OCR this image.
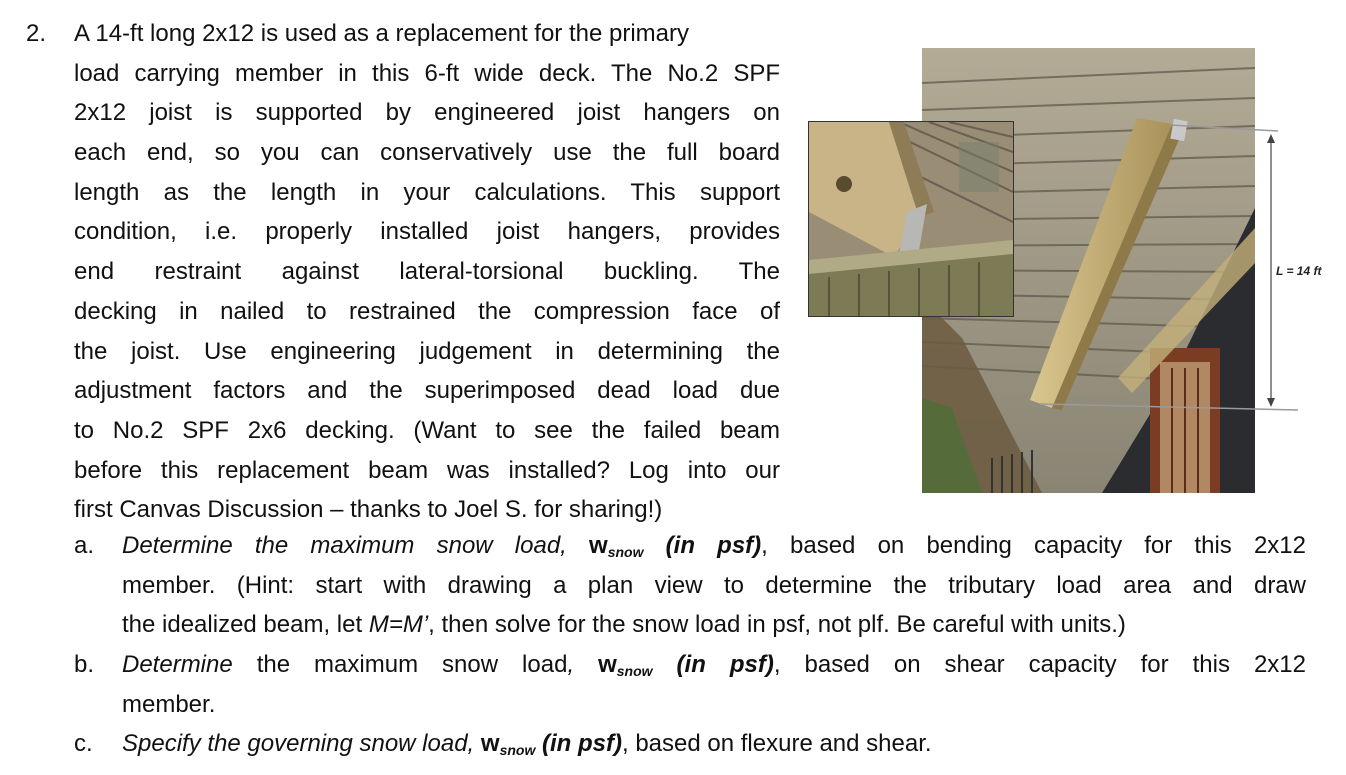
2. A 14-ft long 2x12 is used as a replacement for the primary
load carrying member in this 6-ft wide deck. The No.2 SPF
2x12 joist is supported by engineered joist hangers on
each end, so you can conservatively use the full board
length as the length in your calculations. This support
condition, i.e. properly installed joist hangers, provides
end restraint against lateral-torsional buckling. The
decking in nailed to restrained the compression face of
the joist. Use engineering judgement in determining the
adjustment factors and the superimposed dead load due
to No.2 SPF 2x6 decking. (Want to see the failed beam
before this replacement beam was installed? Log into our
first Canvas Discussion – thanks to Joel S. for sharing!)
a. Determine the maximum snow load, wsnow (in psf), based on bending capacity for this 2x12
member. (Hint: start with drawing a plan view to determine the tributary load area and draw
the idealized beam, let M=M’, then solve for the snow load in psf, not plf. Be careful with units.)
b. Determine the maximum snow load, wsnow (in psf), based on shear capacity for this 2x12
member.
c. Specify the governing snow load, wsnow (in psf), based on flexure and shear.
L = 14 ft
